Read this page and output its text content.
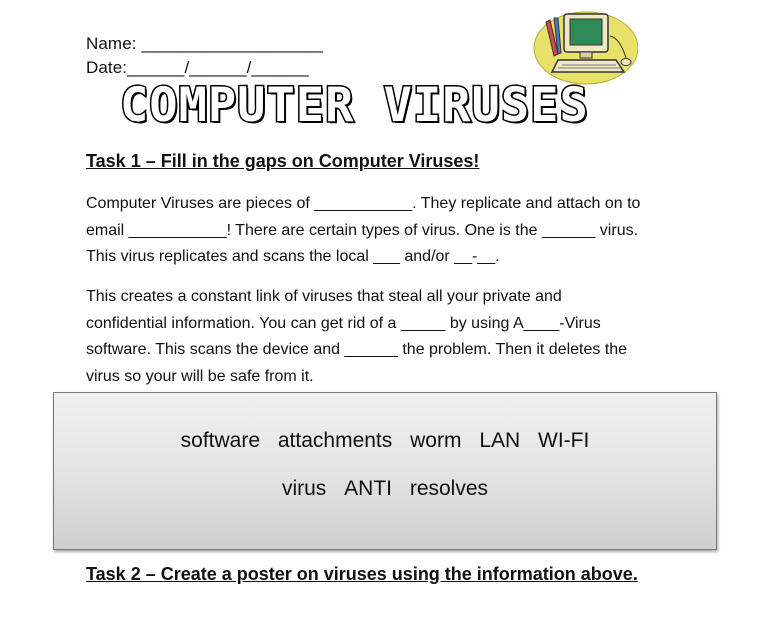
Name: ___________________
Date:______/______/______
COMPUTER VIRUSES
Task 1 – Fill in the gaps on Computer Viruses!
Computer Viruses are pieces of ___________. They replicate and attach on to
email ___________! There are certain types of virus. One is the ______ virus.
This virus replicates and scans the local ___ and/or __-__.
This creates a constant link of viruses that steal all your private and
confidential information. You can get rid of a _____ by using A____-Virus
software. This scans the device and ______ the problem. Then it deletes the
virus so your will be safe from it.
software attachments worm LAN WI-FI
virus ANTI resolves
Task 2 – Create a poster on viruses using the information above.
